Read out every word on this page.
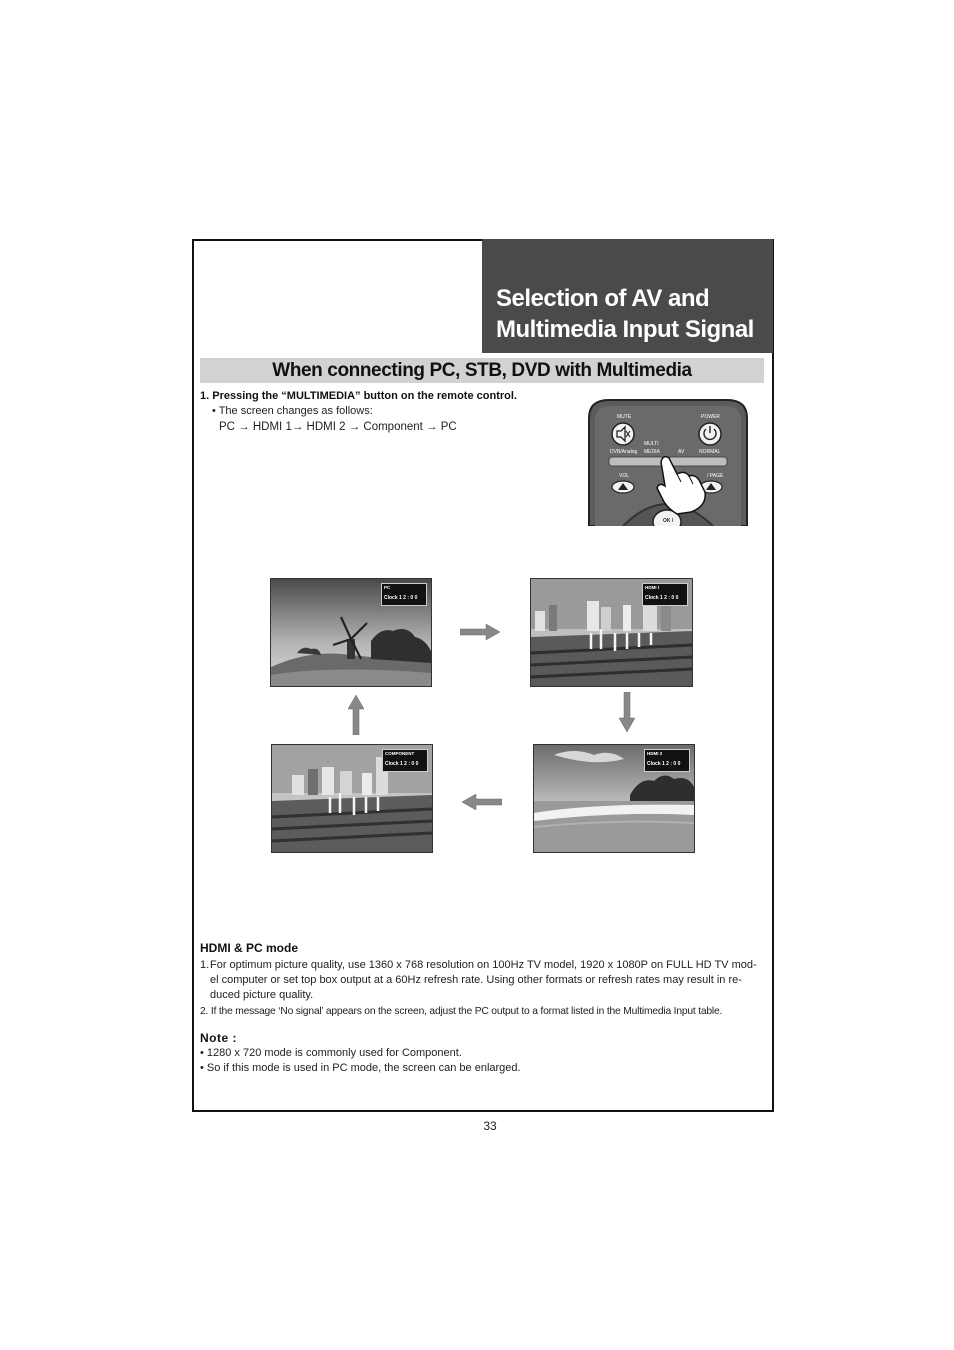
Selection of AV and
Multimedia Input Signal
When connecting PC, STB, DVD with Multimedia
1. Pressing the “MULTIMEDIA” button on the remote control.
• The screen changes as follows:
PC → HDMI 1→ HDMI 2 → Component → PC
MUTE	POWER
MULTI
DVB/Analog MEDIA	AV	NORMAL
VOL	/ PAGE
OK /
PC
Clock 1 2 : 0 0
HDMI I
Clock 1 2 : 0 0
COMPONENT
Clock 1 2 : 0 0
HDMI 2
Clock 1 2 : 0 0
HDMI & PC mode
1. For optimum picture quality, use 1360 x 768 resolution on 100Hz TV model, 1920 x 1080P on FULL HD TV mod-
el computer or set top box output at a 60Hz refresh rate. Using other formats or refresh rates may result in re-
duced picture quality.
2. If the message ‘No signal’ appears on the screen, adjust the PC output to a format listed in the Multimedia Input table.
Note :
• 1280 x 720 mode is commonly used for Component.
• So if this mode is used in PC mode, the screen can be enlarged.
33
